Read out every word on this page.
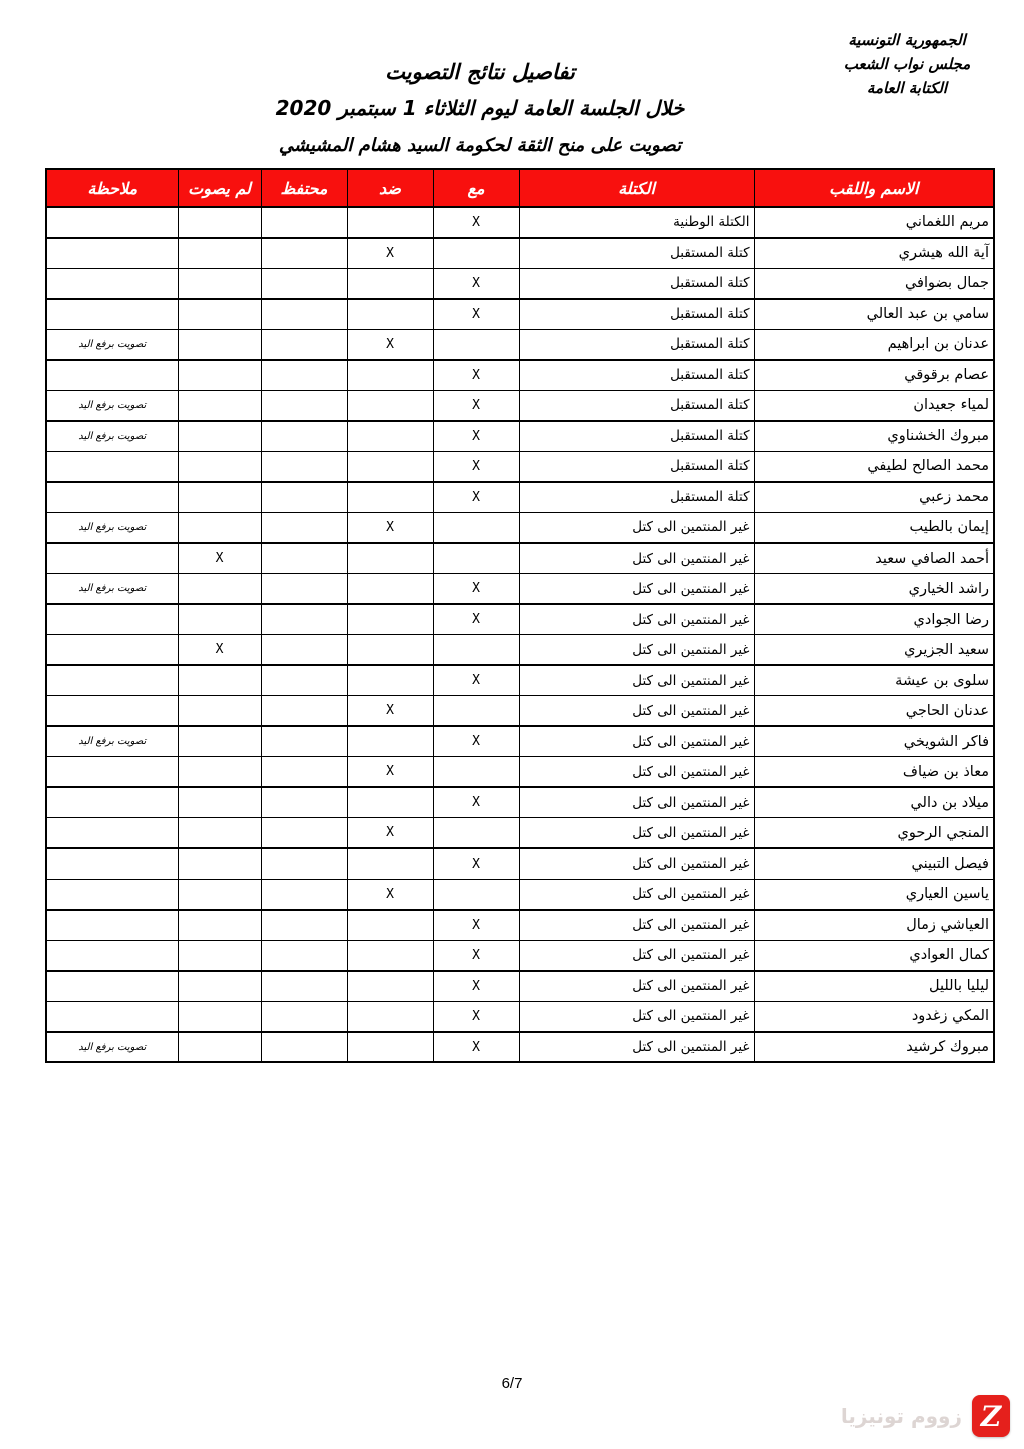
الجمهورية التونسية
مجلس نواب الشعب
الكتابة العامة
تفاصيل نتائج التصويت
خلال الجلسة العامة ليوم الثلاثاء 1 سبتمبر 2020
تصويت على منح الثقة لحكومة السيد هشام المشيشي
الاسم واللقب	الكتلة	مع	ضد	محتفظ	لم يصوت	ملاحظة
مريم اللغماني	الكتلة الوطنية	X				
آية الله هيشري	كتلة المستقبل		X			
جمال بضوافي	كتلة المستقبل	X				
سامي بن عبد العالي	كتلة المستقبل	X				
عدنان بن ابراهيم	كتلة المستقبل		X			تصويت برفع اليد
عصام برقوقي	كتلة المستقبل	X				
لمياء جعيدان	كتلة المستقبل	X				تصويت برفع اليد
مبروك الخشناوي	كتلة المستقبل	X				تصويت برفع اليد
محمد الصالح لطيفي	كتلة المستقبل	X				
محمد زعبي	كتلة المستقبل	X				
إيمان بالطيب	غير المنتمين الى كتل		X			تصويت برفع اليد
أحمد الصافي سعيد	غير المنتمين الى كتل				X	
راشد الخياري	غير المنتمين الى كتل	X				تصويت برفع اليد
رضا الجوادي	غير المنتمين الى كتل	X				
سعيد الجزيري	غير المنتمين الى كتل				X	
سلوى بن عيشة	غير المنتمين الى كتل	X				
عدنان الحاجي	غير المنتمين الى كتل		X			
فاكر الشويخي	غير المنتمين الى كتل	X				تصويت برفع اليد
معاذ بن ضياف	غير المنتمين الى كتل		X			
ميلاد بن دالي	غير المنتمين الى كتل	X				
المنجي الرحوي	غير المنتمين الى كتل		X			
فيصل التبيني	غير المنتمين الى كتل	X				
ياسين العياري	غير المنتمين الى كتل		X			
العياشي زمال	غير المنتمين الى كتل	X				
كمال العوادي	غير المنتمين الى كتل	X				
ليليا بالليل	غير المنتمين الى كتل	X				
المكي زغدود	غير المنتمين الى كتل	X				
مبروك كرشيد	غير المنتمين الى كتل	X				تصويت برفع اليد
6/7
زووم تونيزيا Z
